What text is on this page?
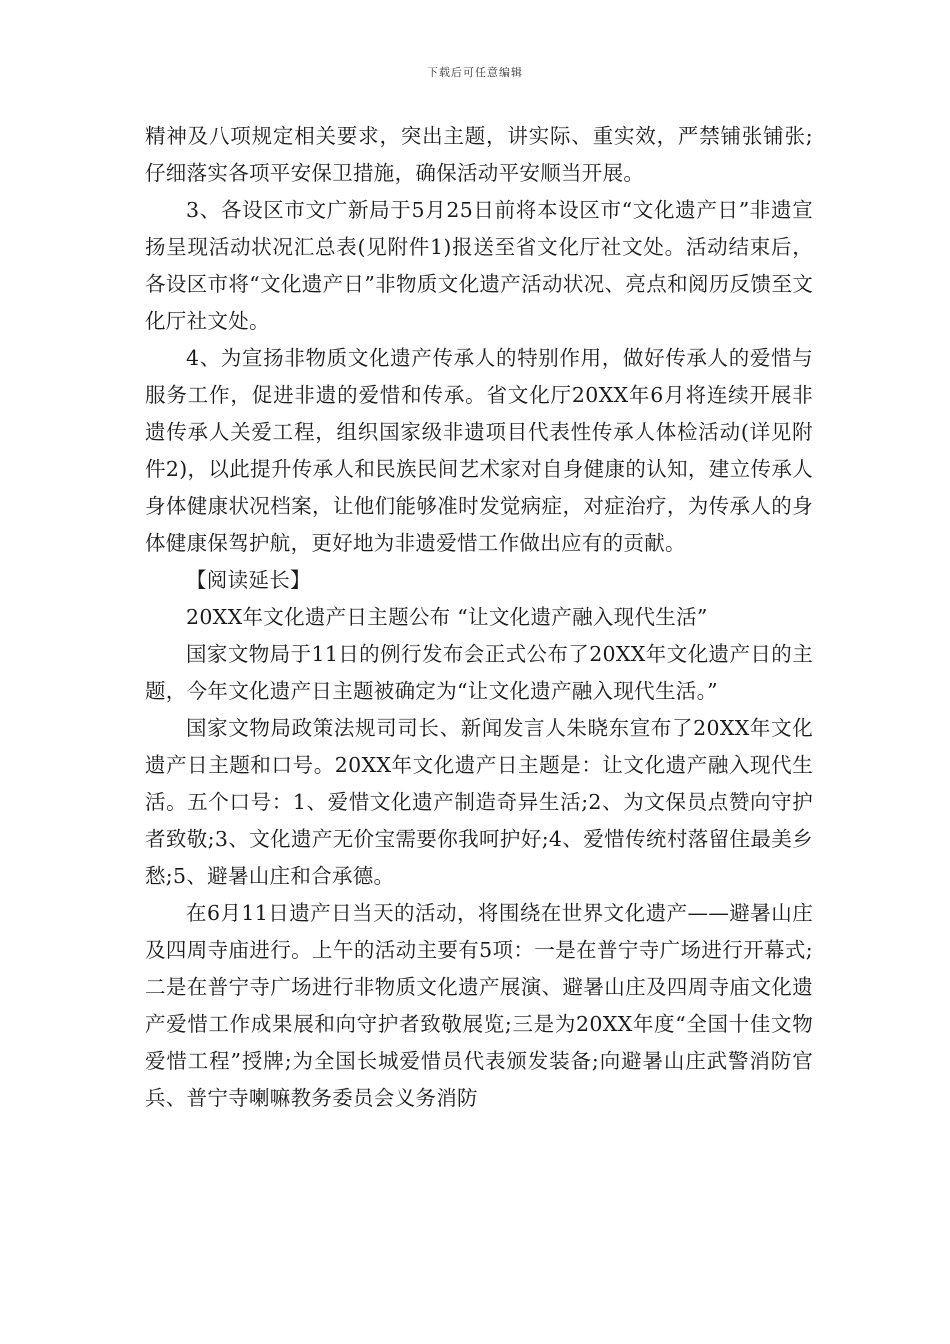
下载后可任意编辑

精神及八项规定相关要求，突出主题，讲实际、重实效，严禁铺张铺张;仔细落实各项平安保卫措施，确保活动平安顺当开展。

3、各设区市文广新局于5月25日前将本设区市“文化遗产日”非遗宣扬呈现活动状况汇总表(见附件1)报送至省文化厅社文处。活动结束后，各设区市将“文化遗产日”非物质文化遗产活动状况、亮点和阅历反馈至文化厅社文处。

4、为宣扬非物质文化遗产传承人的特别作用，做好传承人的爱惜与服务工作，促进非遗的爱惜和传承。省文化厅20XX年6月将连续开展非遗传承人关爱工程，组织国家级非遗项目代表性传承人体检活动(详见附件2)，以此提升传承人和民族民间艺术家对自身健康的认知，建立传承人身体健康状况档案，让他们能够准时发觉病症，对症治疗，为传承人的身体健康保驾护航，更好地为非遗爱惜工作做出应有的贡献。

【阅读延长】

20XX年文化遗产日主题公布 “让文化遗产融入现代生活”

国家文物局于11日的例行发布会正式公布了20XX年文化遗产日的主题，今年文化遗产日主题被确定为“让文化遗产融入现代生活。”

国家文物局政策法规司司长、新闻发言人朱晓东宣布了20XX年文化遗产日主题和口号。20XX年文化遗产日主题是：让文化遗产融入现代生活。五个口号：1、爱惜文化遗产制造奇异生活;2、为文保员点赞向守护者致敬;3、文化遗产无价宝需要你我呵护好;4、爱惜传统村落留住最美乡愁;5、避暑山庄和合承德。

在6月11日遗产日当天的活动，将围绕在世界文化遗产——避暑山庄及四周寺庙进行。上午的活动主要有5项：一是在普宁寺广场进行开幕式;二是在普宁寺广场进行非物质文化遗产展演、避暑山庄及四周寺庙文化遗产爱惜工作成果展和向守护者致敬展览;三是为20XX年度“全国十佳文物爱惜工程”授牌;为全国长城爱惜员代表颁发装备;向避暑山庄武警消防官兵、普宁寺喇嘛教务委员会义务消防
